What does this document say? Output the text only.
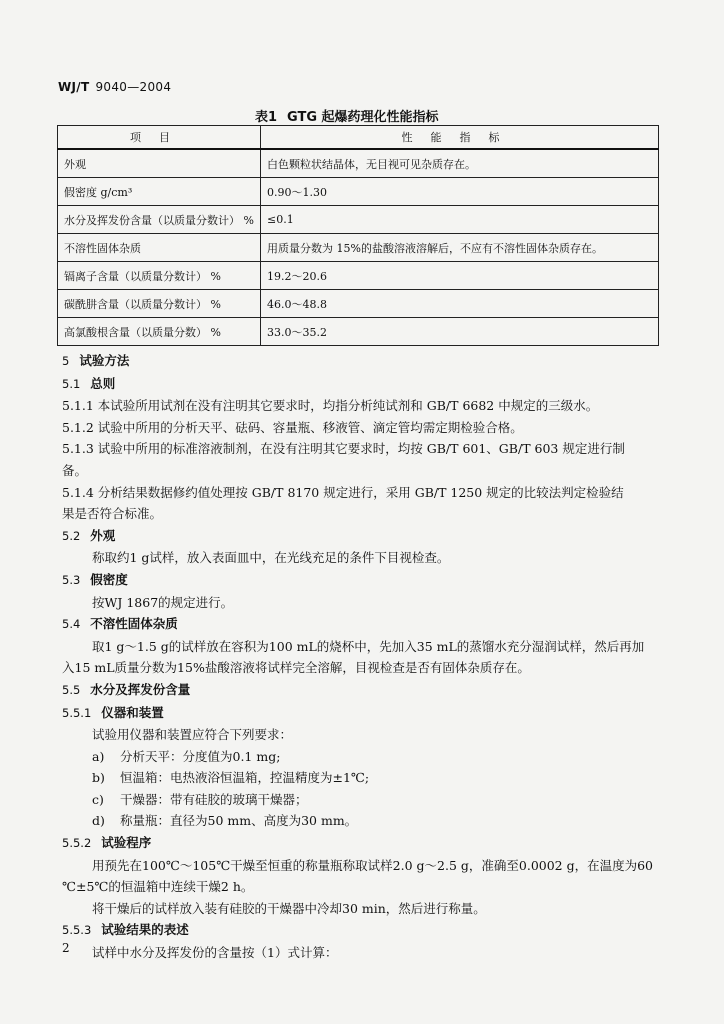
WJ/T 9040—2004
表1 GTG 起爆药理化性能指标
项目	性能指标
外观	白色颗粒状结晶体，无目视可见杂质存在。
假密度 g/cm³	0.90～1.30
水分及挥发份含量（以质量分数计） %	≤0.1
不溶性固体杂质	用质量分数为 15%的盐酸溶液溶解后，不应有不溶性固体杂质存在。
镉离子含量（以质量分数计） %	19.2～20.6
碳酰肼含量（以质量分数计） %	46.0～48.8
高氯酸根含量（以质量分数） %	33.0～35.2
5 试验方法
5.1 总则
5.1.1 本试验所用试剂在没有注明其它要求时，均指分析纯试剂和 GB/T 6682 中规定的三级水。
5.1.2 试验中所用的分析天平、砝码、容量瓶、移液管、滴定管均需定期检验合格。
5.1.3 试验中所用的标准溶液制剂，在没有注明其它要求时，均按 GB/T 601、GB/T 603 规定进行制
备。
5.1.4 分析结果数据修约值处理按 GB/T 8170 规定进行，采用 GB/T 1250 规定的比较法判定检验结
果是否符合标准。
5.2 外观
称取约1 g试样，放入表面皿中，在光线充足的条件下目视检查。
5.3 假密度
按WJ 1867的规定进行。
5.4 不溶性固体杂质
取1 g～1.5 g的试样放在容积为100 mL的烧杯中，先加入35 mL的蒸馏水充分湿润试样，然后再加
入15 mL质量分数为15%盐酸溶液将试样完全溶解，目视检查是否有固体杂质存在。
5.5 水分及挥发份含量
5.5.1 仪器和装置
试验用仪器和装置应符合下列要求：
a) 分析天平：分度值为0.1 mg;
b) 恒温箱：电热液浴恒温箱，控温精度为±1℃;
c) 干燥器：带有硅胶的玻璃干燥器；
d) 称量瓶：直径为50 mm、高度为30 mm。
5.5.2 试验程序
用预先在100℃～105℃干燥至恒重的称量瓶称取试样2.0 g～2.5 g，准确至0.0002 g，在温度为60
℃±5℃的恒温箱中连续干燥2 h。
将干燥后的试样放入装有硅胶的干燥器中冷却30 min，然后进行称量。
5.5.3 试验结果的表述
试样中水分及挥发份的含量按（1）式计算：
2
